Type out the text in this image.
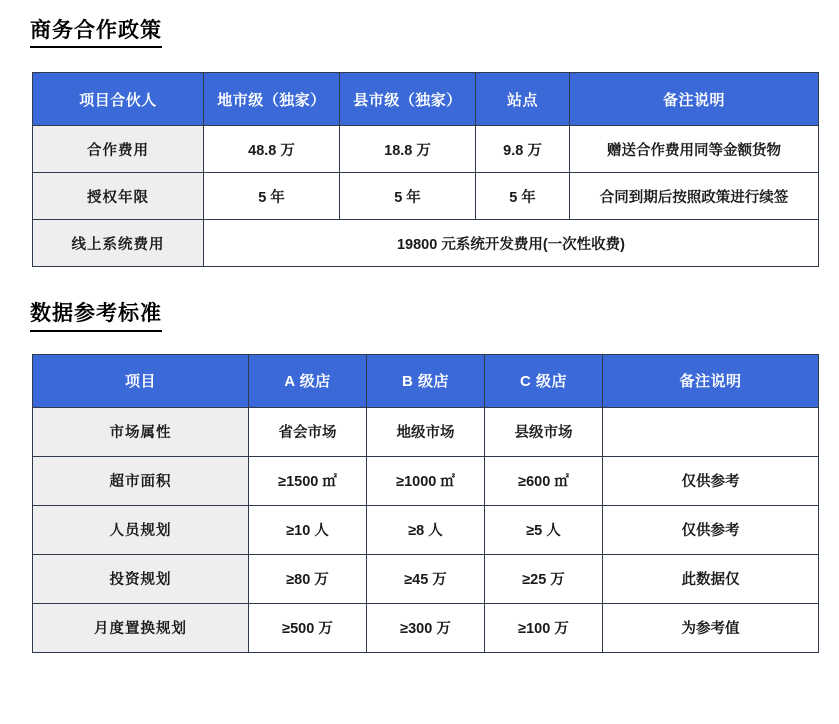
商务合作政策
项目合伙人	地市级（独家）	县市级（独家）	站点	备注说明
合作费用	48.8 万	18.8 万	9.8 万	赠送合作费用同等金额货物
授权年限	5 年	5 年	5 年	合同到期后按照政策进行续签
线上系统费用	19800 元系统开发费用(一次性收费)			
数据参考标准
项目	A 级店	B 级店	C 级店	备注说明
市场属性	省会市场	地级市场	县级市场	
超市面积	≥1500 ㎡	≥1000 ㎡	≥600 ㎡	仅供参考
人员规划	≥10 人	≥8 人	≥5 人	仅供参考
投资规划	≥80 万	≥45 万	≥25 万	此数据仅
月度置换规划	≥500 万	≥300 万	≥100 万	为参考值
